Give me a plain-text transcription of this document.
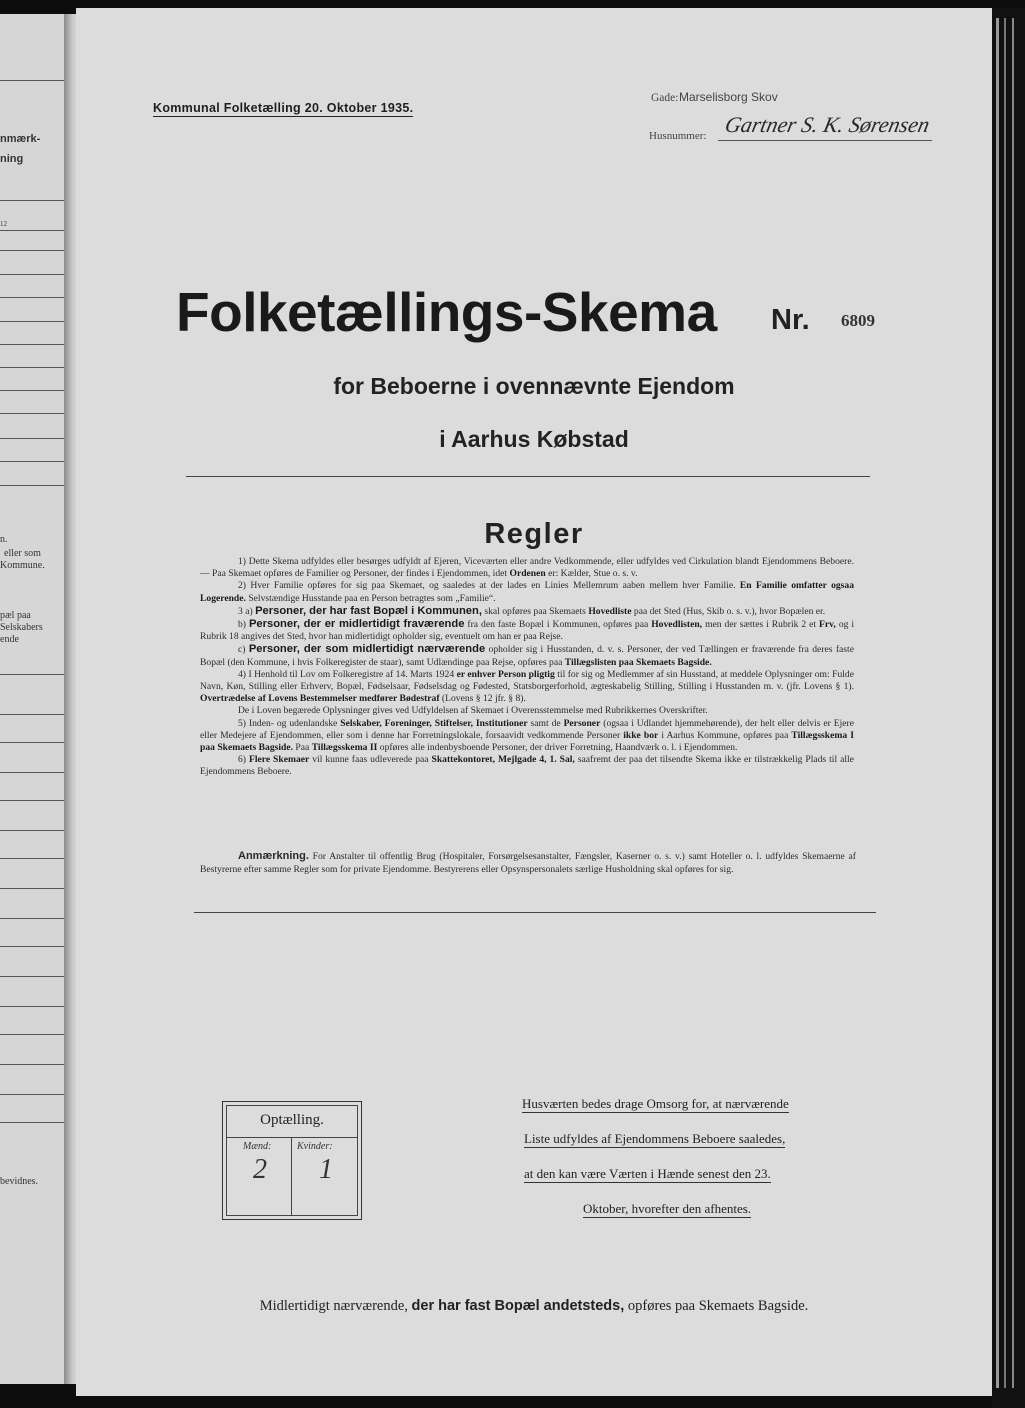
nmærk-
ning
12
n.
eller som
Kommune.
pæl paa
Selskabers
ende
bevidnes.
Kommunal Folketælling 20. Oktober 1935.
Gade: Marselisborg Skov
Husnummer: Gartner S. K. Sørensen
Folketællings-Skema Nr. 6809
for Beboerne i ovennævnte Ejendom
i Aarhus Købstad
Regler

1) Dette Skema udfyldes eller besørges udfyldt af Ejeren, Viceværten eller andre Vedkommende, eller udfyldes ved Cirkulation blandt Ejendommens Beboere. — Paa Skemaet opføres de Familier og Personer, der findes i Ejendommen, idet Ordenen er: Kælder, Stue o. s. v.

2) Hver Familie opføres for sig paa Skemaet, og saaledes at der lades en Linies Mellemrum aaben mellem hver Familie. En Familie omfatter ogsaa Logerende. Selvstændige Husstande paa en Person betragtes som „Familie“.

3 a) Personer, der har fast Bopæl i Kommunen, skal opføres paa Skemaets Hovedliste paa det Sted (Hus, Skib o. s. v.), hvor Bopælen er.

b) Personer, der er midlertidigt fraværende fra den faste Bopæl i Kommunen, opføres paa Hovedlisten, men der sættes i Rubrik 2 et Frv, og i Rubrik 18 angives det Sted, hvor han midlertidigt opholder sig, eventuelt om han er paa Rejse.

c) Personer, der som midlertidigt nærværende opholder sig i Husstanden, d. v. s. Personer, der ved Tællingen er fraværende fra deres faste Bopæl (den Kommune, i hvis Folkeregister de staar), samt Udlændinge paa Rejse, opføres paa Tillægslisten paa Skemaets Bagside.

4) I Henhold til Lov om Folkeregistre af 14. Marts 1924 er enhver Person pligtig til for sig og Medlemmer af sin Husstand, at meddele Oplysninger om: Fulde Navn, Køn, Stilling eller Erhverv, Bopæl, Fødselsaar, Fødselsdag og Fødested, Statsborgerforhold, ægteskabelig Stilling, Stilling i Husstanden m. v. (jfr. Lovens § 1). Overtrædelse af Lovens Bestemmelser medfører Bødestraf (Lovens § 12 jfr. § 8).

De i Loven begærede Oplysninger gives ved Udfyldelsen af Skemaet i Overensstemmelse med Rubrikkernes Overskrifter.

5) Inden- og udenlandske Selskaber, Foreninger, Stiftelser, Institutioner samt de Personer (ogsaa i Udlandet hjemmehørende), der helt eller delvis er Ejere eller Medejere af Ejendommen, eller som i denne har Forretningslokale, forsaavidt vedkommende Personer ikke bor i Aarhus Kommune, opføres paa Tillægsskema I paa Skemaets Bagside. Paa Tillægsskema II opføres alle indenbysboende Personer, der driver Forretning, Haandværk o. l. i Ejendommen.

6) Flere Skemaer vil kunne faas udleverede paa Skattekontoret, Mejlgade 4, 1. Sal, saafremt der paa det tilsendte Skema ikke er tilstrækkelig Plads til alle Ejendommens Beboere.

Anmærkning. For Anstalter til offentlig Brug (Hospitaler, Forsørgelsesanstalter, Fængsler, Kaserner o. s. v.) samt Hoteller o. l. udfyldes Skemaerne af Bestyrerne efter samme Regler som for private Ejendomme. Bestyrerens eller Opsynspersonalets særlige Husholdning skal opføres for sig.
Optælling.
Mænd:	Kvinder:
2 1
Husværten bedes drage Omsorg for, at nærværende
Liste udfyldes af Ejendommens Beboere saaledes,
at den kan være Værten i Hænde senest den 23.
Oktober, hvorefter den afhentes.
Midlertidigt nærværende, der har fast Bopæl andetsteds, opføres paa Skemaets Bagside.
